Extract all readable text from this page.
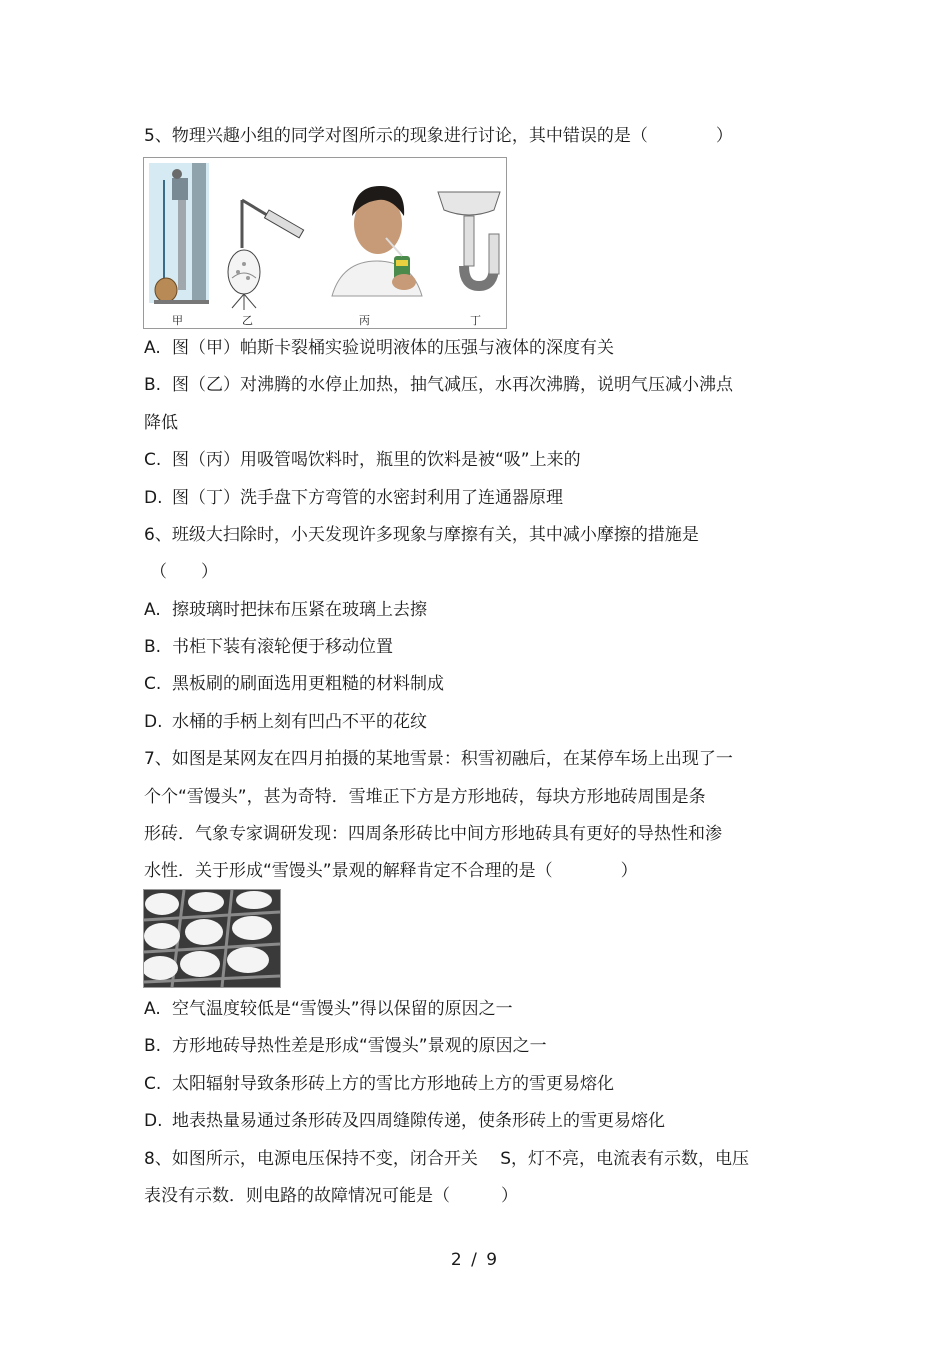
5、物理兴趣小组的同学对图所示的现象进行讨论，其中错误的是（　　　　）
甲	乙	丙	丁
A. 图（甲）帕斯卡裂桶实验说明液体的压强与液体的深度有关
B. 图（乙）对沸腾的水停止加热，抽气减压，水再次沸腾，说明气压减小沸点
降低
C. 图（丙）用吸管喝饮料时，瓶里的饮料是被“吸”上来的
D. 图（丁）洗手盘下方弯管的水密封利用了连通器原理
6、班级大扫除时，小天发现许多现象与摩擦有关，其中减小摩擦的措施是
（　　）
A. 擦玻璃时把抹布压紧在玻璃上去擦
B. 书柜下装有滚轮便于移动位置
C. 黑板刷的刷面选用更粗糙的材料制成
D. 水桶的手柄上刻有凹凸不平的花纹
7、如图是某网友在四月拍摄的某地雪景：积雪初融后，在某停车场上出现了一
个个“雪馒头”，甚为奇特．雪堆正下方是方形地砖，每块方形地砖周围是条
形砖．气象专家调研发现：四周条形砖比中间方形地砖具有更好的导热性和渗
水性．关于形成“雪馒头”景观的解释肯定不合理的是（　　　　）
A. 空气温度较低是“雪馒头”得以保留的原因之一
B. 方形地砖导热性差是形成“雪馒头”景观的原因之一
C. 太阳辐射导致条形砖上方的雪比方形地砖上方的雪更易熔化
D. 地表热量易通过条形砖及四周缝隙传递，使条形砖上的雪更易熔化
8、如图所示，电源电压保持不变，闭合开关　 S，灯不亮，电流表有示数，电压
表没有示数．则电路的故障情况可能是（　　　）
2 / 9
